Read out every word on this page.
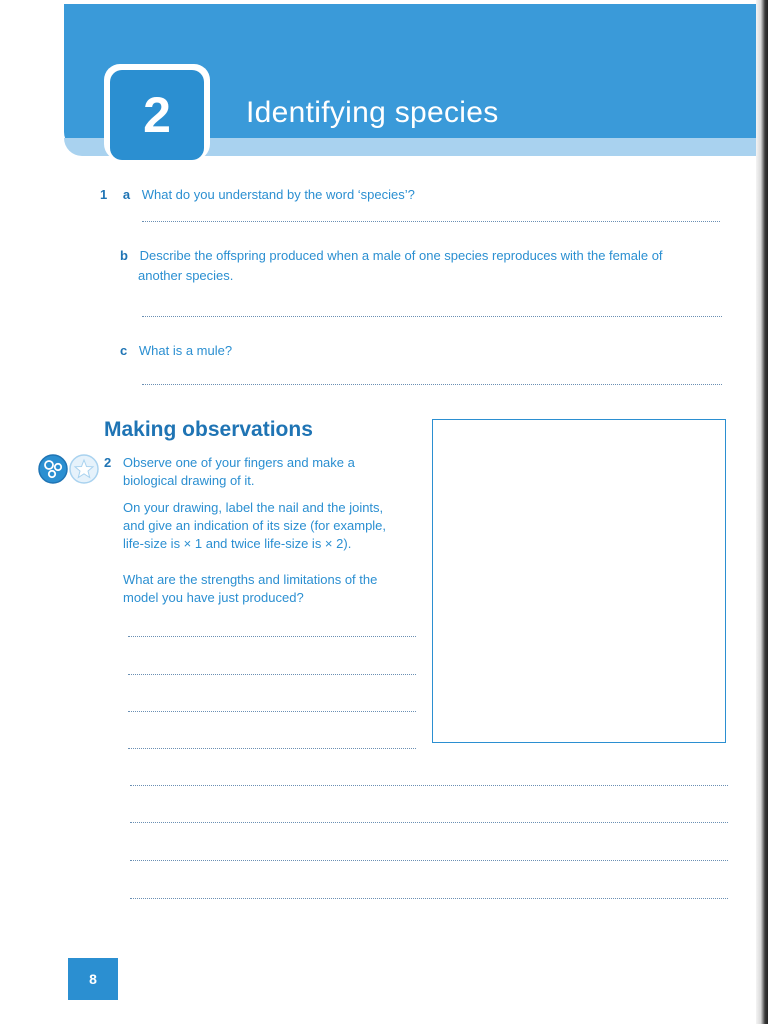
2	Identifying species
1 a What do you understand by the word ‘species’?
b Describe the offspring produced when a male of one species reproduces with the female of
another species.
c What is a mule?
Making observations
2 Observe one of your fingers and make a
biological drawing of it.
On your drawing, label the nail and the joints,
and give an indication of its size (for example,
life-size is × 1 and twice life-size is × 2).
What are the strengths and limitations of the
model you have just produced?
8
